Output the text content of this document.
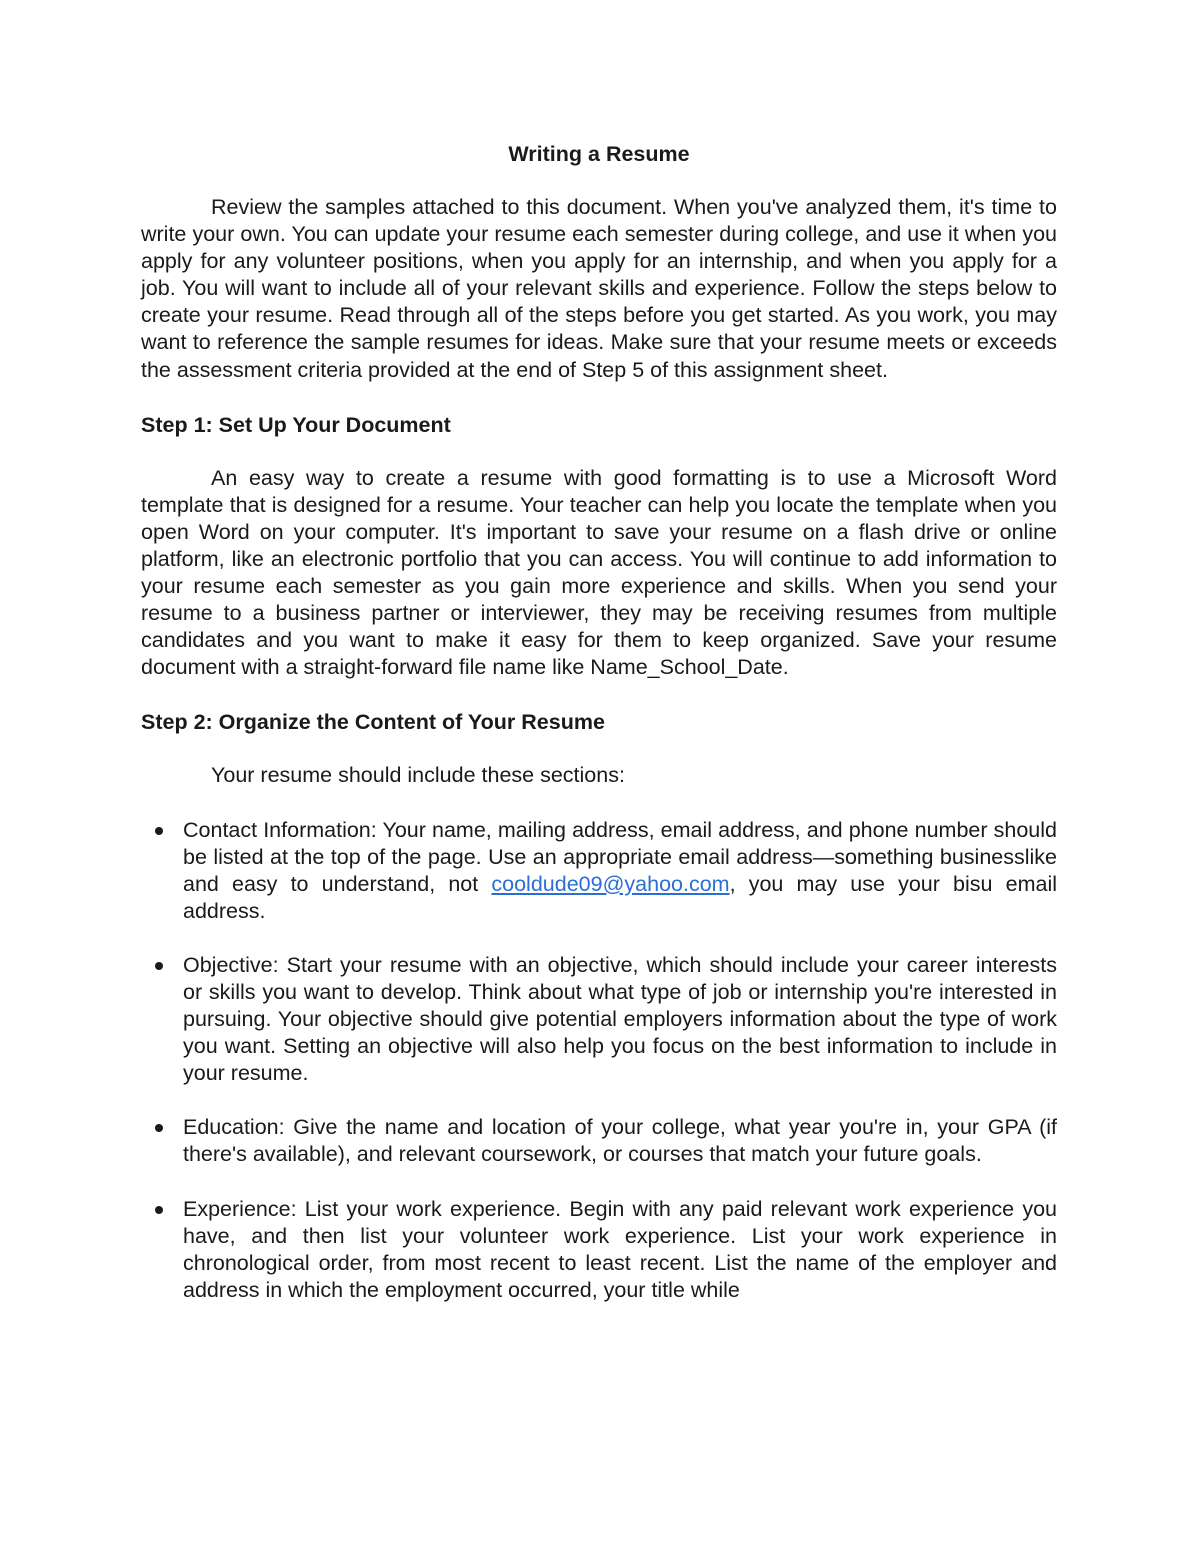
Writing a Resume

Review the samples attached to this document. When you've analyzed them, it's time to write your own. You can update your resume each semester during college, and use it when you apply for any volunteer positions, when you apply for an internship, and when you apply for a job. You will want to include all of your relevant skills and experience. Follow the steps below to create your resume. Read through all of the steps before you get started. As you work, you may want to reference the sample resumes for ideas. Make sure that your resume meets or exceeds the assessment criteria provided at the end of Step 5 of this assignment sheet.

Step 1: Set Up Your Document

An easy way to create a resume with good formatting is to use a Microsoft Word template that is designed for a resume. Your teacher can help you locate the template when you open Word on your computer. It's important to save your resume on a flash drive or online platform, like an electronic portfolio that you can access. You will continue to add information to your resume each semester as you gain more experience and skills. When you send your resume to a business partner or interviewer, they may be receiving resumes from multiple candidates and you want to make it easy for them to keep organized. Save your resume document with a straight-forward file name like Name_School_Date.

Step 2: Organize the Content of Your Resume

Your resume should include these sections:

Contact Information: Your name, mailing address, email address, and phone number should be listed at the top of the page. Use an appropriate email address—something businesslike and easy to understand, not cooldude09@yahoo.com, you may use your bisu email address.
Objective: Start your resume with an objective, which should include your career interests or skills you want to develop. Think about what type of job or internship you're interested in pursuing. Your objective should give potential employers information about the type of work you want. Setting an objective will also help you focus on the best information to include in your resume.
Education: Give the name and location of your college, what year you're in, your GPA (if there's available), and relevant coursework, or courses that match your future goals.
Experience: List your work experience. Begin with any paid relevant work experience you have, and then list your volunteer work experience. List your work experience in chronological order, from most recent to least recent. List the name of the employer and address in which the employment occurred, your title while
